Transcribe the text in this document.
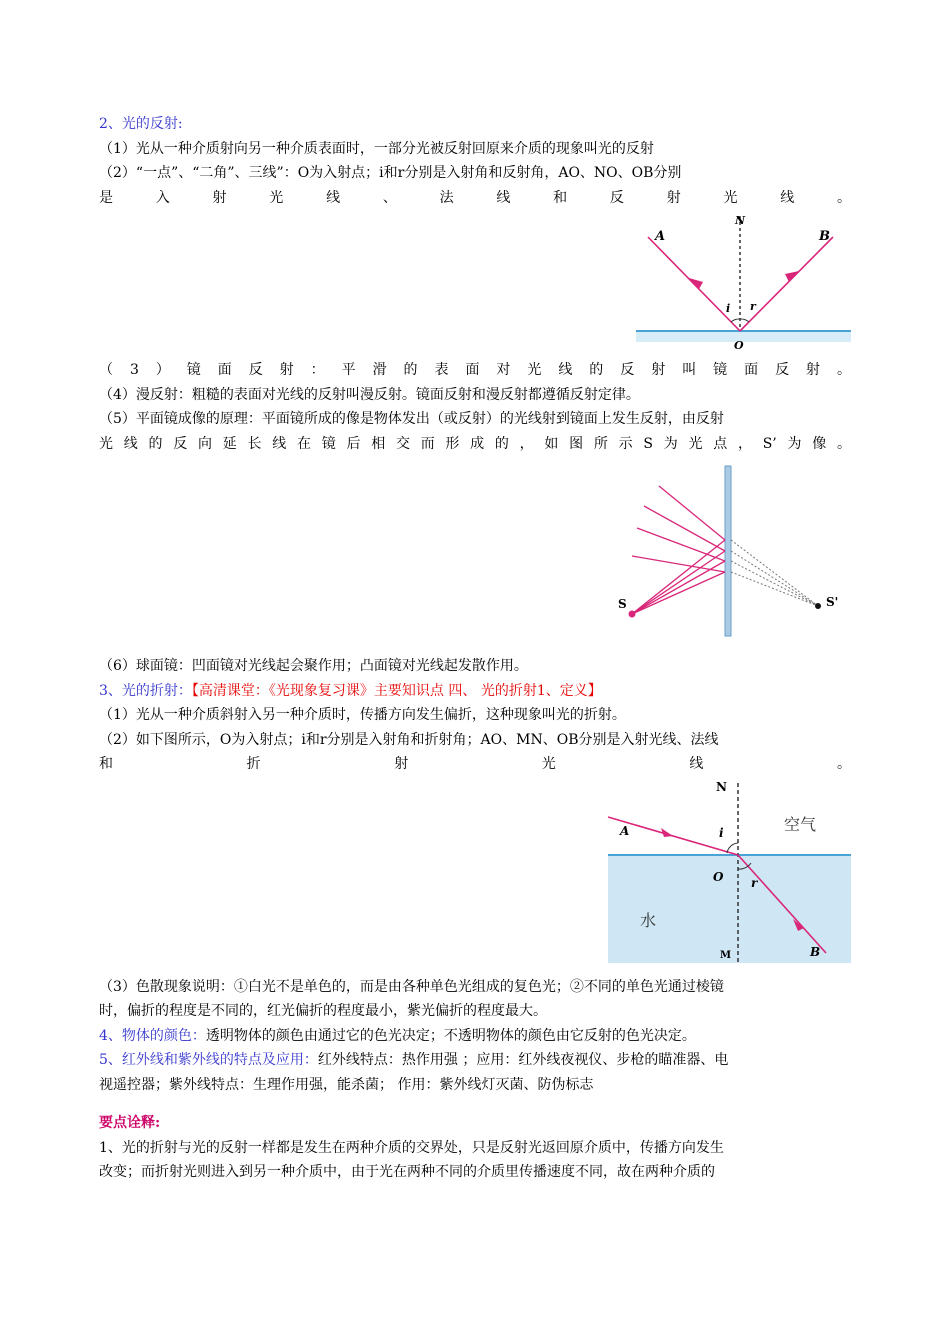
2、光的反射:
（1）光从一种介质射向另一种介质表面时，一部分光被反射回原来介质的现象叫光的反射
（2）“一点”、“二角”、三线”：O为入射点；i和r分别是入射角和反射角，AO、NO、OB分别
是入射光线、法线和反射光线。
A	B
N
O
i r
（3）镜面反射：平滑的表面对光线的反射叫镜面反射。
（4）漫反射：粗糙的表面对光线的反射叫漫反射。镜面反射和漫反射都遵循反射定律。
（5）平面镜成像的原理：平面镜所成的像是物体发出（或反射）的光线射到镜面上发生反射，由反射
光线的反向延长线在镜后相交而形成的，如图所示S为光点，S’为像。
S	S'
（6）球面镜：凹面镜对光线起会聚作用；凸面镜对光线起发散作用。
3、光的折射：【高清课堂：《光现象复习课》主要知识点 四、 光的折射1、定义】
（1）光从一种介质斜射入另一种介质时，传播方向发生偏折，这种现象叫光的折射。
（2）如下图所示，O为入射点；i和r分别是入射角和折射角；AO、MN、OB分别是入射光线、法线
和折射光线。
N
A	i
O r
空气
水
M	B
（3）色散现象说明：①白光不是单色的，而是由各种单色光组成的复色光；②不同的单色光通过棱镜
时，偏折的程度是不同的，红光偏折的程度最小，紫光偏折的程度最大。
4、物体的颜色：透明物体的颜色由通过它的色光决定；不透明物体的颜色由它反射的色光决定。
5、红外线和紫外线的特点及应用：红外线特点：热作用强 ；应用：红外线夜视仪、步枪的瞄准器、电
视遥控器；紫外线特点：生理作用强，能杀菌； 作用：紫外线灯灭菌、防伪标志
要点诠释:
1、光的折射与光的反射一样都是发生在两种介质的交界处，只是反射光返回原介质中，传播方向发生
改变；而折射光则进入到另一种介质中，由于光在两种不同的介质里传播速度不同，故在两种介质的
